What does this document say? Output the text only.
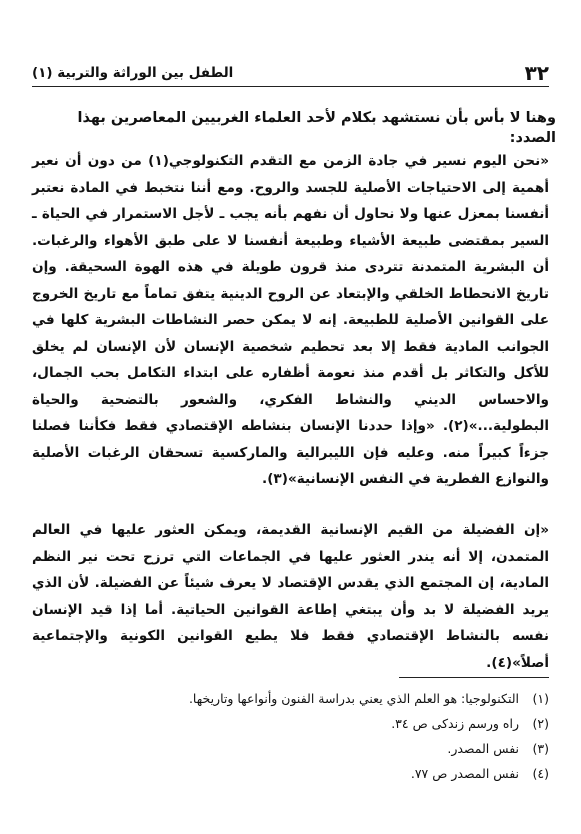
٣٢
الطفل بين الوراثة والتربية (١)
وهنا لا بأس بأن نستشهد بكلام لأحد العلماء الغربيين المعاصرين بهذا الصدد:
«نحن اليوم نسير في جادة الزمن مع التقدم التكنولوجي(١) من دون أن نعير أهمية إلى الاحتياجات الأصلية للجسد والروح. ومع أننا نتخبط في المادة نعتبر أنفسنا بمعزل عنها ولا نحاول أن نفهم بأنه يجب ـ لأجل الاستمرار في الحياة ـ السير بمقتضى طبيعة الأشياء وطبيعة أنفسنا لا على طبق الأهواء والرغبات. أن البشرية المتمدنة تتردى منذ قرون طويلة في هذه الهوة السحيقة. وإن تاريخ الانحطاط الخلقي والإبتعاد عن الروح الدينية يتفق تماماً مع تاريخ الخروج على القوانين الأصلية للطبيعة. إنه لا يمكن حصر النشاطات البشرية كلها في الجوانب المادية فقط إلا بعد تحطيم شخصية الإنسان لأن الإنسان لم يخلق للأكل والتكاثر بل أقدم منذ نعومة أظفاره على ابتداء التكامل بحب الجمال، والاحساس الديني والنشاط الفكري، والشعور بالتضحية والحياة البطولية...»(٢). «وإذا حددنا الإنسان بنشاطه الإقتصادي فقط فكأننا فصلنا جزءاً كبيراً منه. وعليه فإن الليبرالية والماركسية تسحقان الرغبات الأصلية والنوازع الفطرية في النفس الإنسانية»(٣).
«إن الفضيلة من القيم الإنسانية القديمة، ويمكن العثور عليها في العالم المتمدن، إلا أنه يندر العثور عليها في الجماعات التي ترزح تحت نير النظم المادية، إن المجتمع الذي يقدس الإقتصاد لا يعرف شيئاً عن الفضيلة. لأن الذي يريد الفضيلة لا بد وأن يبتغي إطاعة القوانين الحياتية. أما إذا قيد الإنسان نفسه بالنشاط الإقتصادي فقط فلا يطيع القوانين الكونية والإجتماعية أصلاً»(٤).
(١)
التكنولوجيا: هو العلم الذي يعني بدراسة الفنون وأنواعها وتاريخها.
(٢)
راه ورسم زندكى ص ٣٤.
(٣)
نفس المصدر.
(٤)
نفس المصدر ص ٧٧.
